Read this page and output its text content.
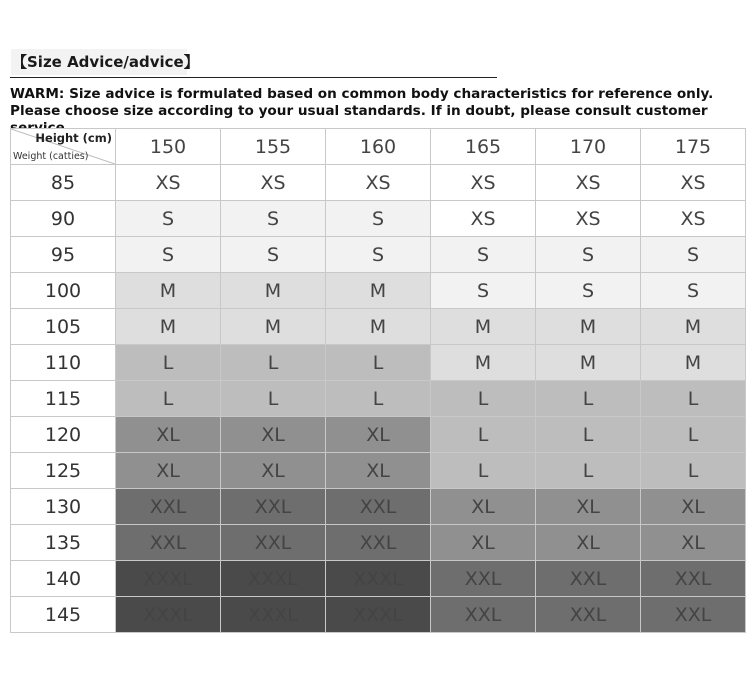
【Size Advice/advice】
WARM: Size advice is formulated based on common body characteristics for reference only. Please choose size according to your usual standards. If in doubt, please consult customer
Height (cm)
Weight (catties)	150	155	160	165	170	175
85	XS	XS	XS	XS	XS	XS
90	S	S	S	XS	XS	XS
95	S	S	S	S	S	S
100	M	M	M	S	S	S
105	M	M	M	M	M	M
110	L	L	L	M	M	M
115	L	L	L	L	L	L
120	XL	XL	XL	L	L	L
125	XL	XL	XL	L	L	L
130	XXL	XXL	XXL	XL	XL	XL
135	XXL	XXL	XXL	XL	XL	XL
140	XXXL	XXXL	XXXL	XXL	XXL	XXL
145	XXXL	XXXL	XXXL	XXL	XXL	XXL
